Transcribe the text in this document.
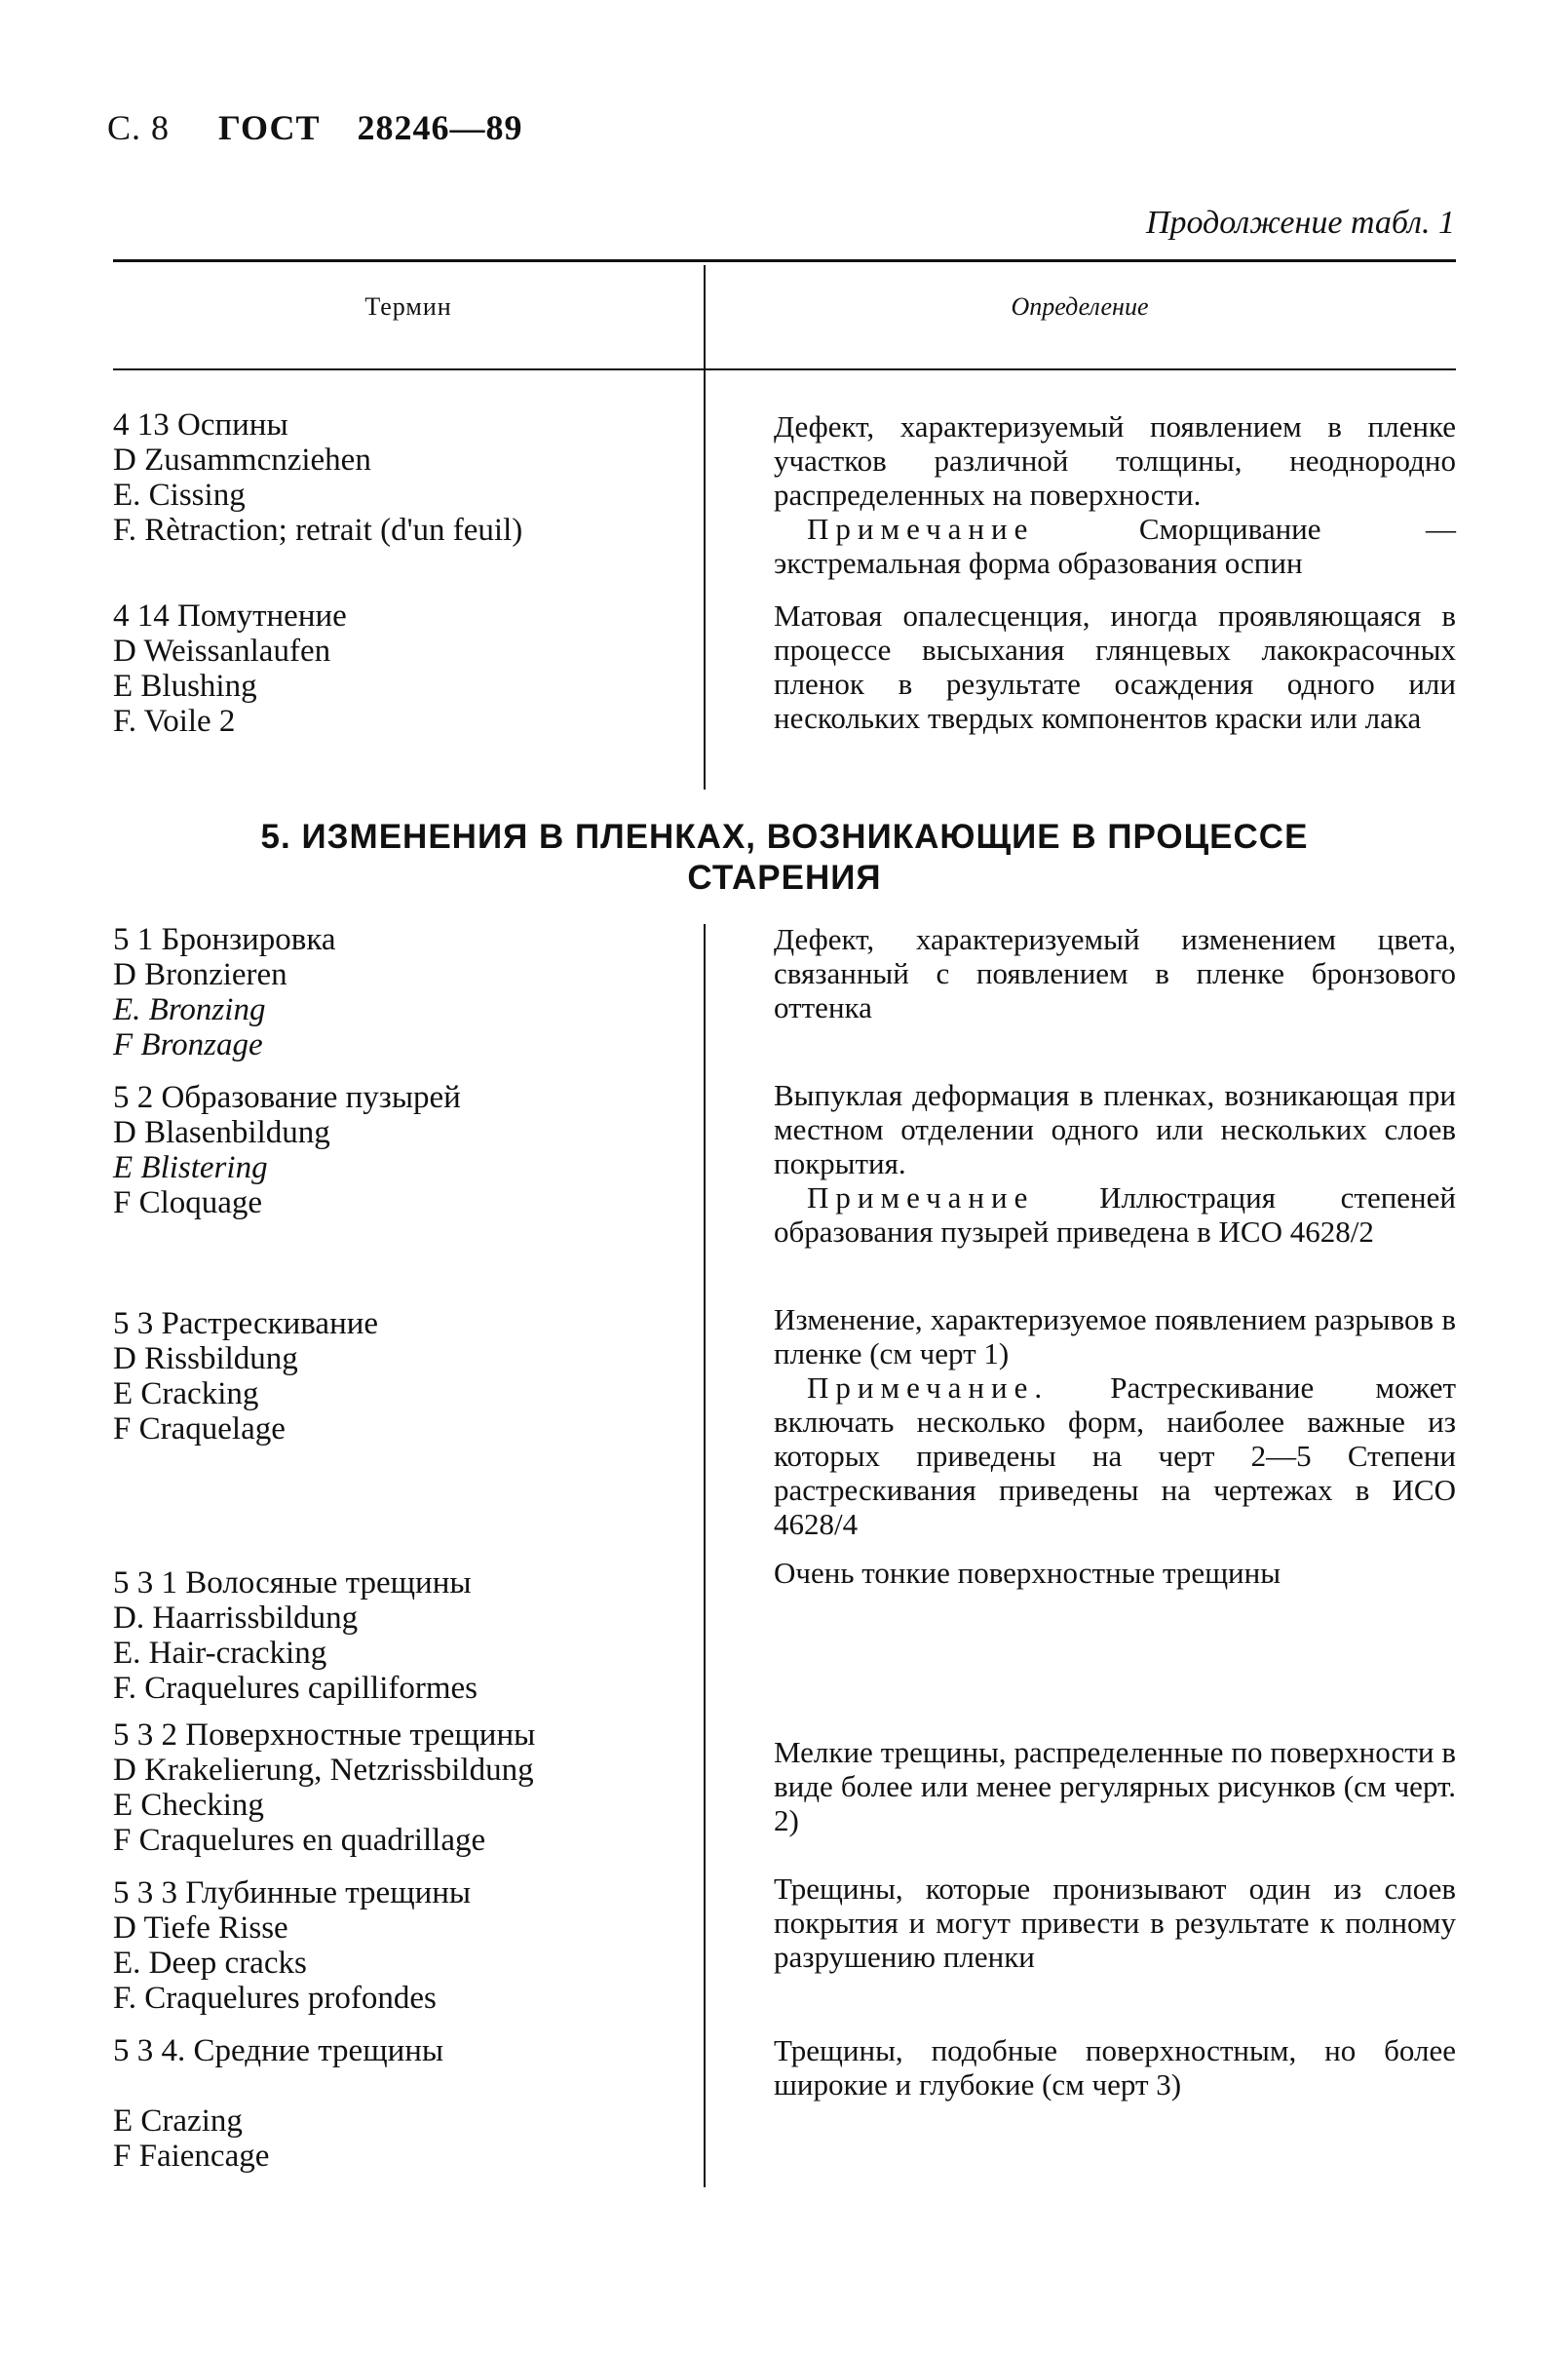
С. 8 ГОСТ 28246—89
Продолжение табл. 1
Термин	Определение
4 13 Оспины
D Zusammcnziehen
E. Cissing
F. Rètraction; retrait (d'un feuil)

Дефект, характеризуемый появлением в пленке участков различной толщины, неоднородно распределенных на поверхности.

Примечание	Сморщивание — экстремальная форма образования оспин

4 14 Помутнение
D Weissanlaufen
E Blushing
F. Voile 2

Матовая опалесценция, иногда проявляющаяся в процессе высыхания глянцевых лакокрасочных пленок в результате осаждения одного или нескольких твердых компонентов краски или лака

5. ИЗМЕНЕНИЯ В ПЛЕНКАХ, ВОЗНИКАЮЩИЕ В ПРОЦЕССЕ
СТАРЕНИЯ
5 1 Бронзировка
D Bronzieren
E. Bronzing
F Bronzage

Дефект, характеризуемый изменением цвета, связанный с появлением в пленке бронзового оттенка

5 2 Образование пузырей
D Blasenbildung
E Blistering
F Cloquage

Выпуклая деформация в пленках, возникающая при местном отделении одного или нескольких слоев покрытия.

Примечание Иллюстрация степеней образования пузырей приведена в ИСО 4628/2

5 3 Растрескивание
D Rissbildung
E Cracking
F Craquelage

Изменение, характеризуемое появлением разрывов в пленке (см черт 1)

Примечание. Растрескивание может включать несколько форм, наиболее важные из которых приведены на черт 2—5 Степени растрескивания приведены на чертежах в ИСО 4628/4

5 3 1 Волосяные трещины
D. Haarrissbildung
E. Hair-cracking
F. Craquelures capilliformes

Очень тонкие поверхностные трещины

5 3 2 Поверхностные трещины
D Krakelierung, Netzrissbildung
E Checking
F Craquelures en quadrillage

Мелкие трещины, распределенные по поверхности в виде более или менее регулярных рисунков (см черт. 2)

5 3 3 Глубинные трещины
D Tiefe Risse
E. Deep cracks
F. Craquelures profondes

Трещины, которые пронизывают один из слоев покрытия и могут привести в результате к полному разрушению пленки

5 3 4. Средние трещины
E Crazing
F Faiencage

Трещины, подобные поверхностным, но более широкие и глубокие (см черт 3)
